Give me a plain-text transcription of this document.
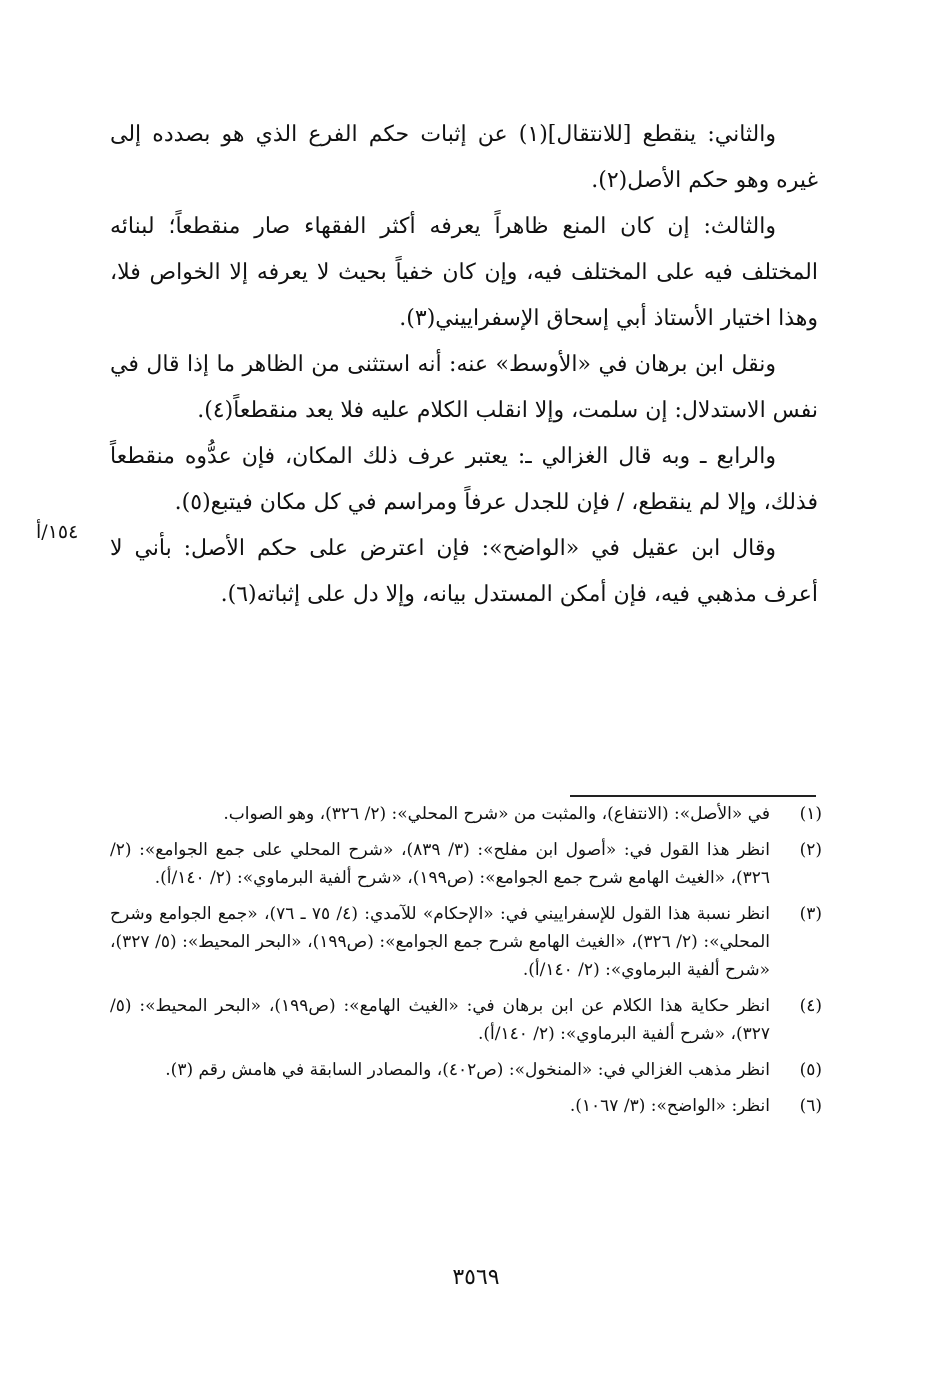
والثاني: ينقطع [للانتقال](١) عن إثبات حكم الفرع الذي هو بصدده إلى غيره وهو حكم الأصل(٢).

والثالث: إن كان المنع ظاهراً يعرفه أكثر الفقهاء صار منقطعاً؛ لبنائه المختلف فيه على المختلف فيه، وإن كان خفياً بحيث لا يعرفه إلا الخواص فلا، وهذا اختيار الأستاذ أبي إسحاق الإسفراييني(٣).

ونقل ابن برهان في «الأوسط» عنه: أنه استثنى من الظاهر ما إذا قال في نفس الاستدلال: إن سلمت، وإلا انقلب الكلام عليه فلا يعد منقطعاً(٤).

والرابع ـ وبه قال الغزالي ـ: يعتبر عرف ذلك المكان، فإن عدُّوه منقطعاً فذلك، وإلا لم ينقطع، / فإن للجدل عرفاً ومراسم في كل مكان فيتبع(٥).

وقال ابن عقيل في «الواضح»: فإن اعترض على حكم الأصل: بأني لا أعرف مذهبي فيه، فإن أمكن المستدل بيانه، وإلا دل على إثباته(٦).

١٥٤/أ
(١)
في «الأصل»: (الانتفاع)، والمثبت من «شرح المحلي»: (٢/ ٣٢٦)، وهو الصواب.
(٢)
انظر هذا القول في: «أصول ابن مفلح»: (٣/ ٨٣٩)، «شرح المحلي على جمع الجوامع»: (٢/ ٣٢٦)، «الغيث الهامع شرح جمع الجوامع»: (ص١٩٩)، «شرح ألفية البرماوي»: (٢/ ١٤٠/أ).
(٣)
انظر نسبة هذا القول للإسفراييني في: «الإحكام» للآمدي: (٤/ ٧٥ ـ ٧٦)، «جمع الجوامع وشرح المحلي»: (٢/ ٣٢٦)، «الغيث الهامع شرح جمع الجوامع»: (ص١٩٩)، «البحر المحيط»: (٥/ ٣٢٧)، «شرح ألفية البرماوي»: (٢/ ١٤٠/أ).
(٤)
انظر حكاية هذا الكلام عن ابن برهان في: «الغيث الهامع»: (ص١٩٩)، «البحر المحيط»: (٥/ ٣٢٧)، «شرح ألفية البرماوي»: (٢/ ١٤٠/أ).
(٥)
انظر مذهب الغزالي في: «المنخول»: (ص٤٠٢)، والمصادر السابقة في هامش رقم (٣).
(٦)
انظر: «الواضح»: (٣/ ١٠٦٧).
٣٥٦٩
